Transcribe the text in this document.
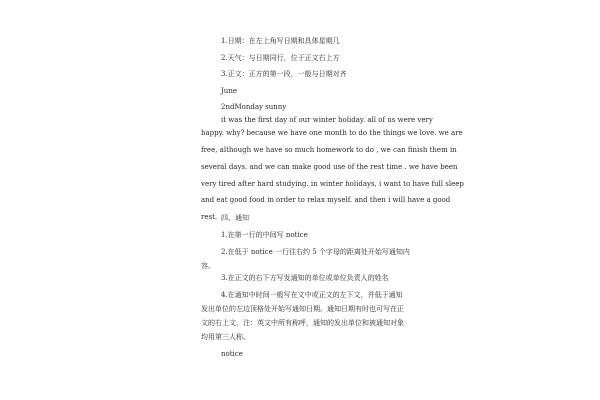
1.日期：在左上角写日期和具体星期几
2.天气：与日期同行，位于正文右上方
3.正文：正方的第一段，一般与日期对齐
June
2ndMonday sunny
it was the first day of our winter holiday. all of us were very
happy. why? because we have one month to do the things we love. we are
free, although we have so much homework to do , we can finish them in
several days. and we can make good use of the rest time . we have been
very tired after hard studying. in winter holidays, i want to have full sleep
and eat good food in order to relax myself. and then i will have a good
rest. 四、通知
1.在第一行的中间写 notice
2.在低于 notice 一行往右约 5 个字母的距离处开始写通知内
容。
3.在正文的右下方写发通知的单位或单位负责人的姓名
4.在通知中时间一般写在文中或正文的左下文，并低于通知
发出单位的左边顶格处开始写通知日期。通知日期有时也可写在正
文的右上文，注：英文中所有称呼，通知的发出单位和被通知对象
均用第三人称。
notice
